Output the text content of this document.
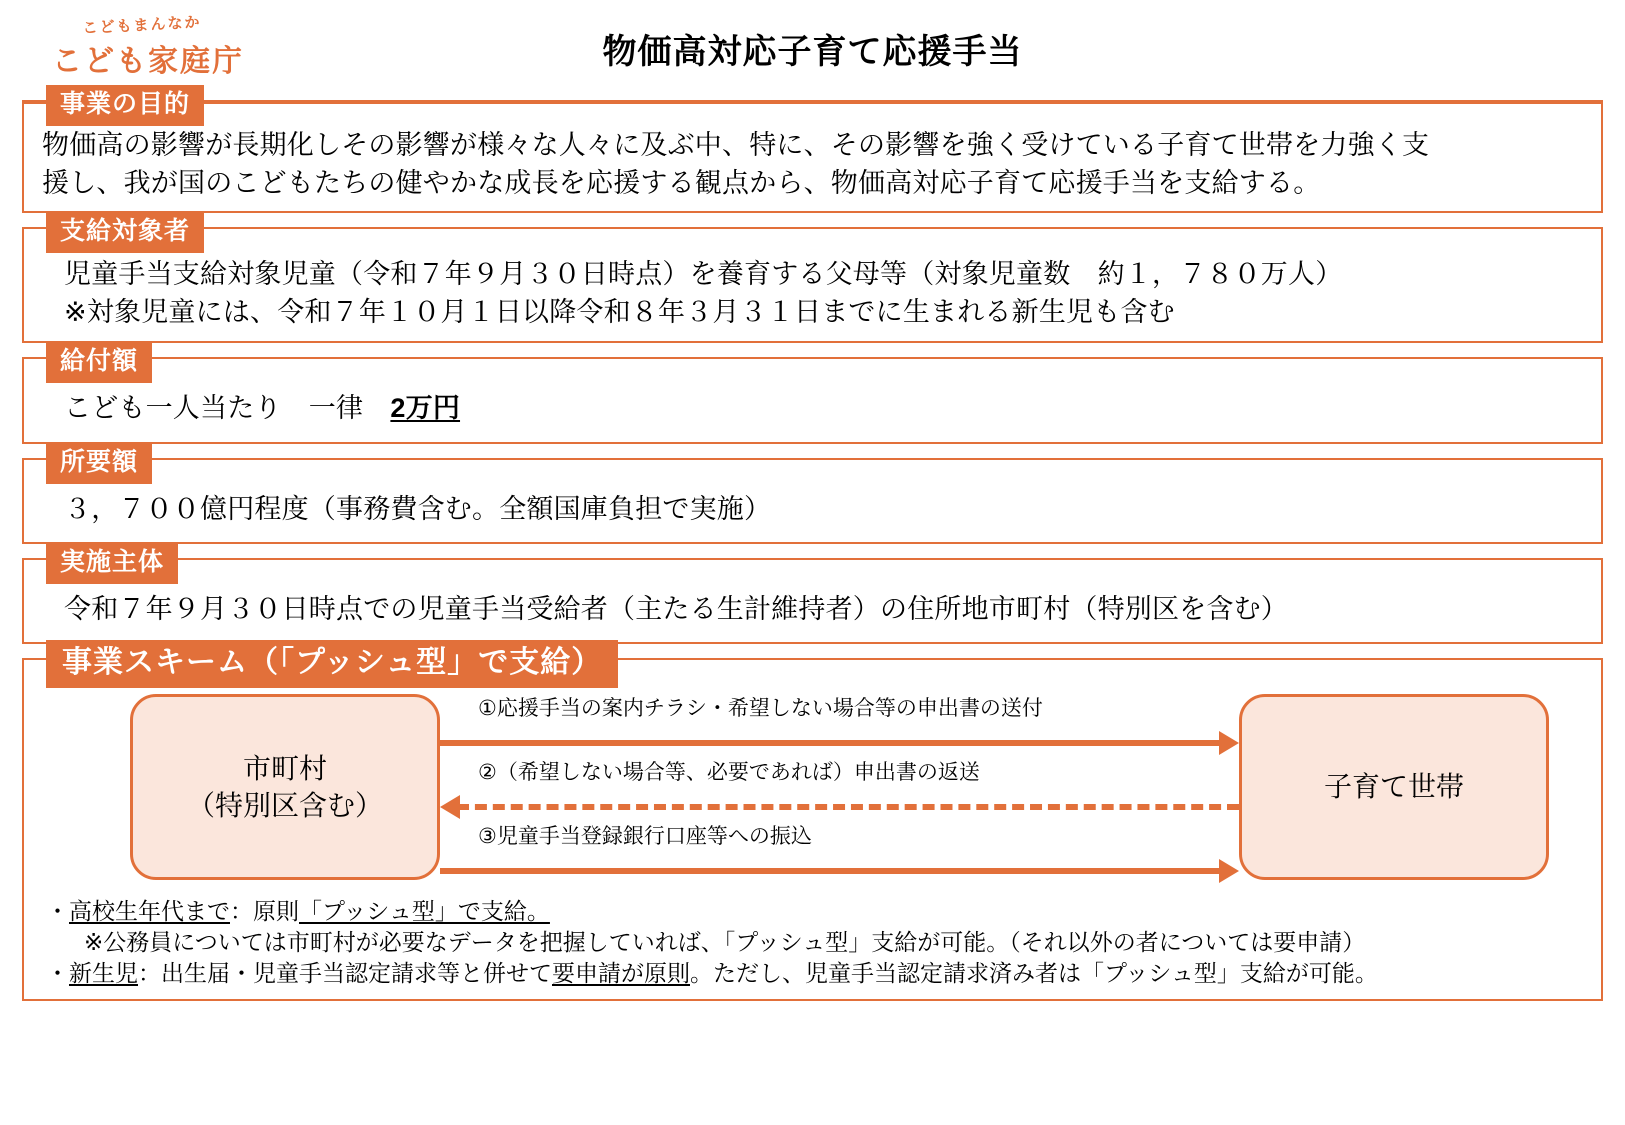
こどもまんなか
こども家庭庁	物価高対応子育て応援手当
事業の目的
物価高の影響が長期化しその影響が様々な人々に及ぶ中、特に、その影響を強く受けている子育て世帯を力強く支
援し、我が国のこどもたちの健やかな成長を応援する観点から、物価高対応子育て応援手当を支給する。
支給対象者
児童手当支給対象児童（令和７年９月３０日時点）を養育する父母等（対象児童数　約１，７８０万人）
※対象児童には、令和７年１０月１日以降令和８年３月３１日までに生まれる新生児も含む
給付額
こども一人当たり　一律　2万円
所要額
３，７００億円程度（事務費含む。全額国庫負担で実施）
実施主体
令和７年９月３０日時点での児童手当受給者（主たる生計維持者）の住所地市町村（特別区を含む）
事業スキーム（「プッシュ型」で支給）
市町村
（特別区含む）
子育て世帯
①応援手当の案内チラシ・希望しない場合等の申出書の送付
②（希望しない場合等、必要であれば）申出書の返送
③児童手当登録銀行口座等への振込
・高校生年代まで：原則「プッシュ型」で支給。
※公務員については市町村が必要なデータを把握していれば、「プッシュ型」支給が可能。（それ以外の者については要申請）
・新生児：出生届・児童手当認定請求等と併せて要申請が原則。ただし、児童手当認定請求済み者は「プッシュ型」支給が可能。
